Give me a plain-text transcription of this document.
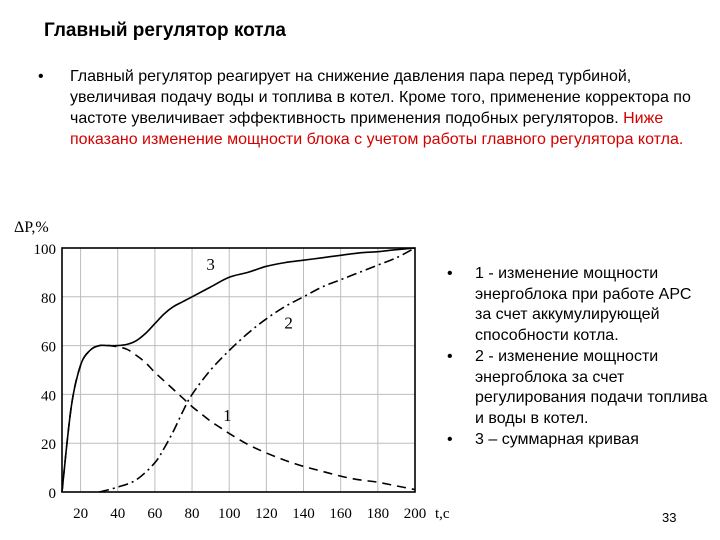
Главный регулятор котла
• Главный регулятор реагирует на снижение давления пара перед турбиной, увеличивая подачу воды и топлива в котел. Кроме того, применение корректора по частоте увеличивает эффективность применения подобных регуляторов. Ниже показано изменение мощности блока с учетом работы главного регулятора котла.
0
20
40
60
80
100
20 40 60 80 100 120 140 160 180 200
ΔP,%
t,c
1
2
3	• 1 - изменение мощности энергоблока при работе АРС за счет аккумулирующей способности котла.
• 2 - изменение мощности энергоблока за счет регулирования подачи топлива и воды в котел.
• 3 – суммарная кривая
33
